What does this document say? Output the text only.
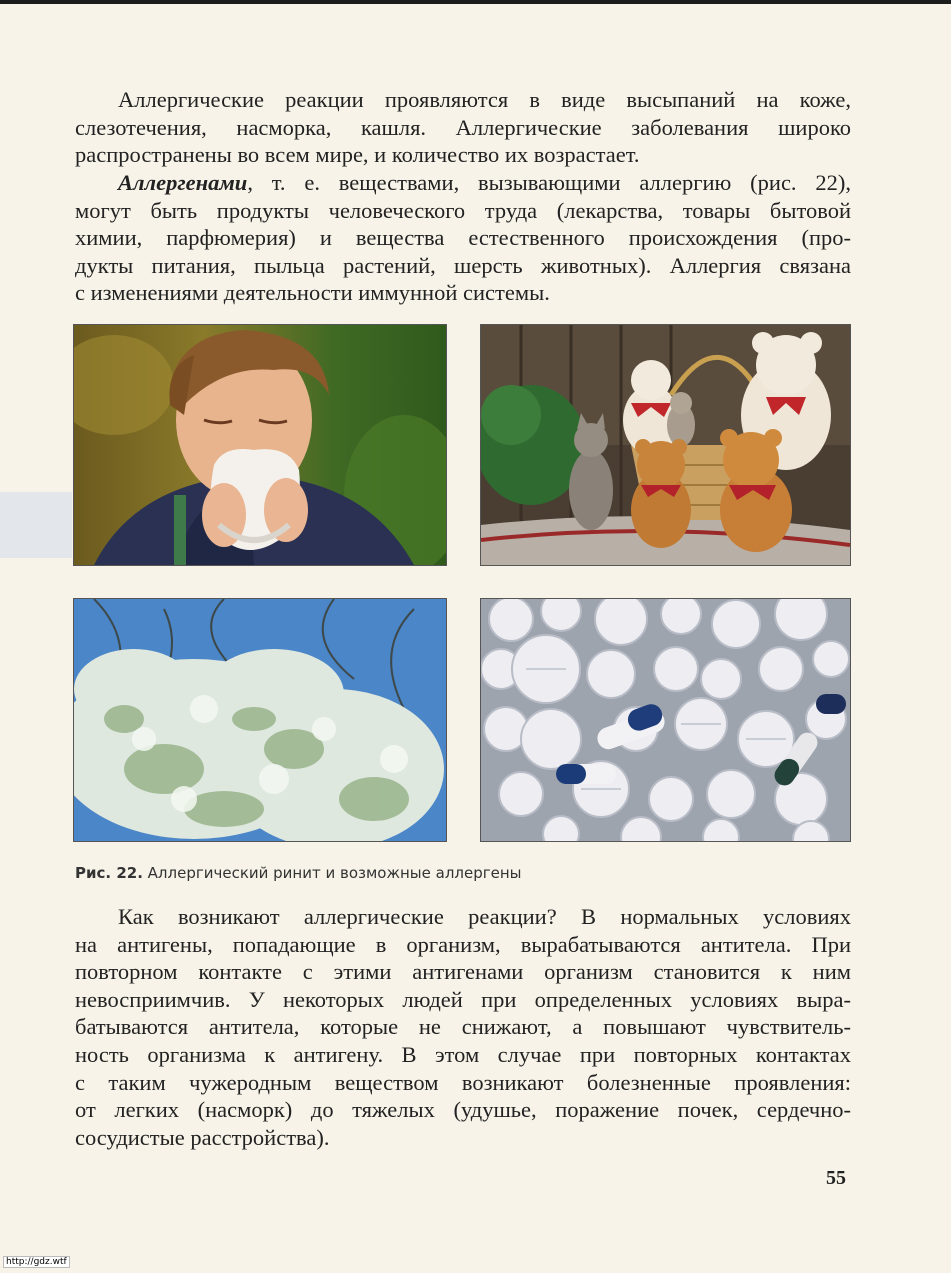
Аллергические реакции проявляются в виде высыпаний на коже,
слезотечения, насморка, кашля. Аллергические заболевания широко
распространены во всем мире, и количество их возрастает.
Аллергенами, т. е. веществами, вызывающими аллергию (рис. 22),
могут быть продукты человеческого труда (лекарства, товары бытовой
химии, парфюмерия) и вещества естественного происхождения (про-
дукты питания, пыльца растений, шерсть животных). Аллергия связана
с изменениями деятельности иммунной системы.
Рис. 22. Аллергический ринит и возможные аллергены
Как возникают аллергические реакции? В нормальных условиях
на антигены, попадающие в организм, вырабатываются антитела. При
повторном контакте с этими антигенами организм становится к ним
невосприимчив. У некоторых людей при определенных условиях выра-
батываются антитела, которые не снижают, а повышают чувствитель-
ность организма к антигену. В этом случае при повторных контактах
с таким чужеродным веществом возникают болезненные проявления:
от легких (насморк) до тяжелых (удушье, поражение почек, сердечно-
сосудистые расстройства).
55
http://gdz.wtf
